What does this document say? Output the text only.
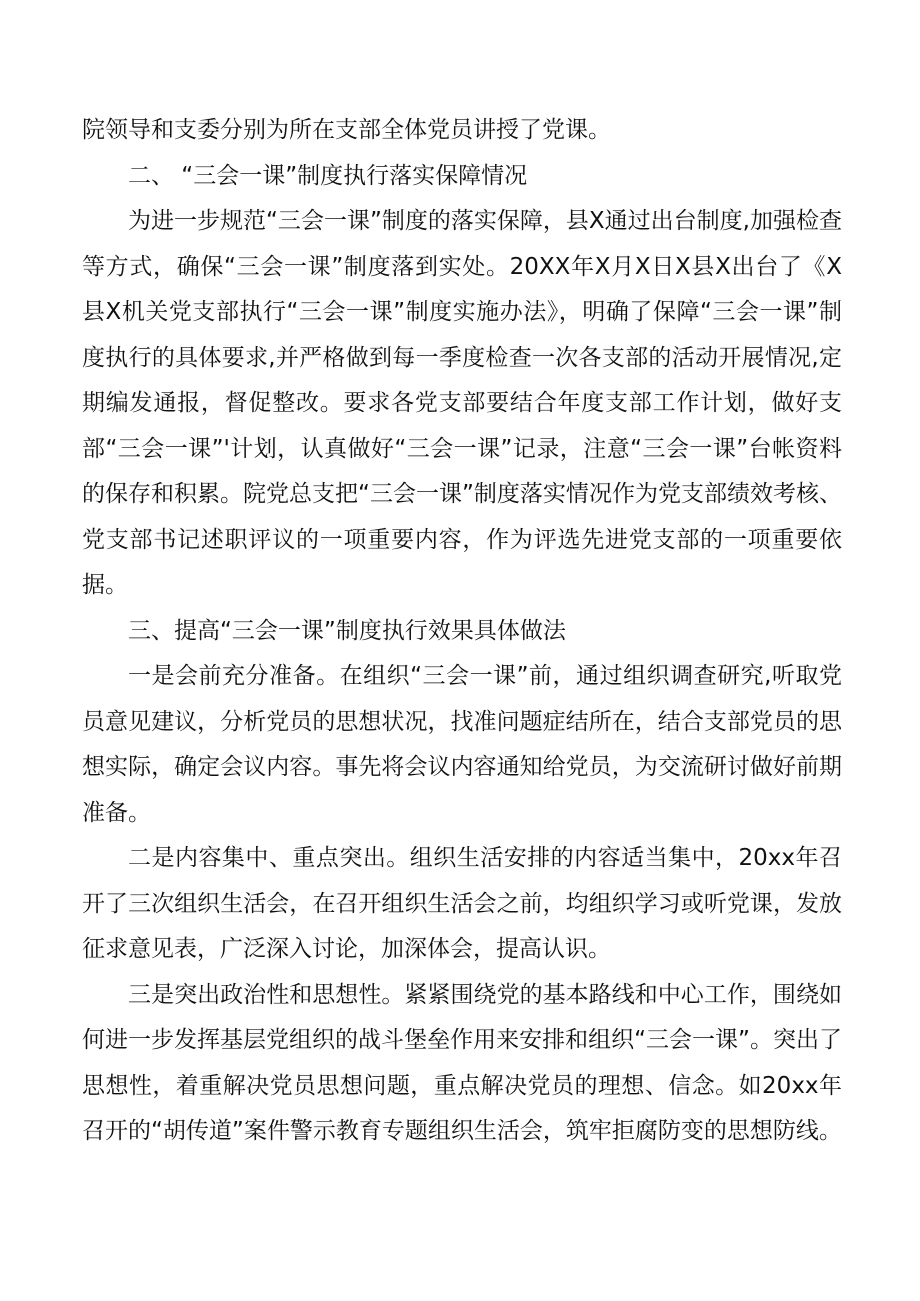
院领导和支委分别为所在支部全体党员讲授了党课。

二、 “三会一课”制度执行落实保障情况

为进一步规范“三会一课”制度的落实保障，县X通过出台制度,加强检查等方式，确保“三会一课”制度落到实处。20XX年X月X日X县X出台了《X县X机关党支部执行“三会一课”制度实施办法》，明确了保障“三会一课”制度执行的具体要求,并严格做到每一季度检查一次各支部的活动开展情况,定期编发通报，督促整改。要求各党支部要结合年度支部工作计划，做好支部“三会一课”'计划，认真做好“三会一课”记录，注意“三会一课”台帐资料的保存和积累。院党总支把“三会一课”制度落实情况作为党支部绩效考核、党支部书记述职评议的一项重要内容，作为评选先进党支部的一项重要依据。

三、提高“三会一课”制度执行效果具体做法

一是会前充分准备。在组织“三会一课”前，通过组织调查研究,听取党员意见建议，分析党员的思想状况，找准问题症结所在，结合支部党员的思想实际，确定会议内容。事先将会议内容通知给党员，为交流研讨做好前期准备。

二是内容集中、重点突出。组织生活安排的内容适当集中，20xx年召开了三次组织生活会，在召开组织生活会之前，均组织学习或听党课，发放征求意见表，广泛深入讨论，加深体会，提高认识。

三是突出政治性和思想性。紧紧围绕党的基本路线和中心工作，围绕如何进一步发挥基层党组织的战斗堡垒作用来安排和组织“三会一课”。突出了思想性，着重解决党员思想问题，重点解决党员的理想、信念。如20xx年召开的“胡传道”案件警示教育专题组织生活会，筑牢拒腐防变的思想防线。
